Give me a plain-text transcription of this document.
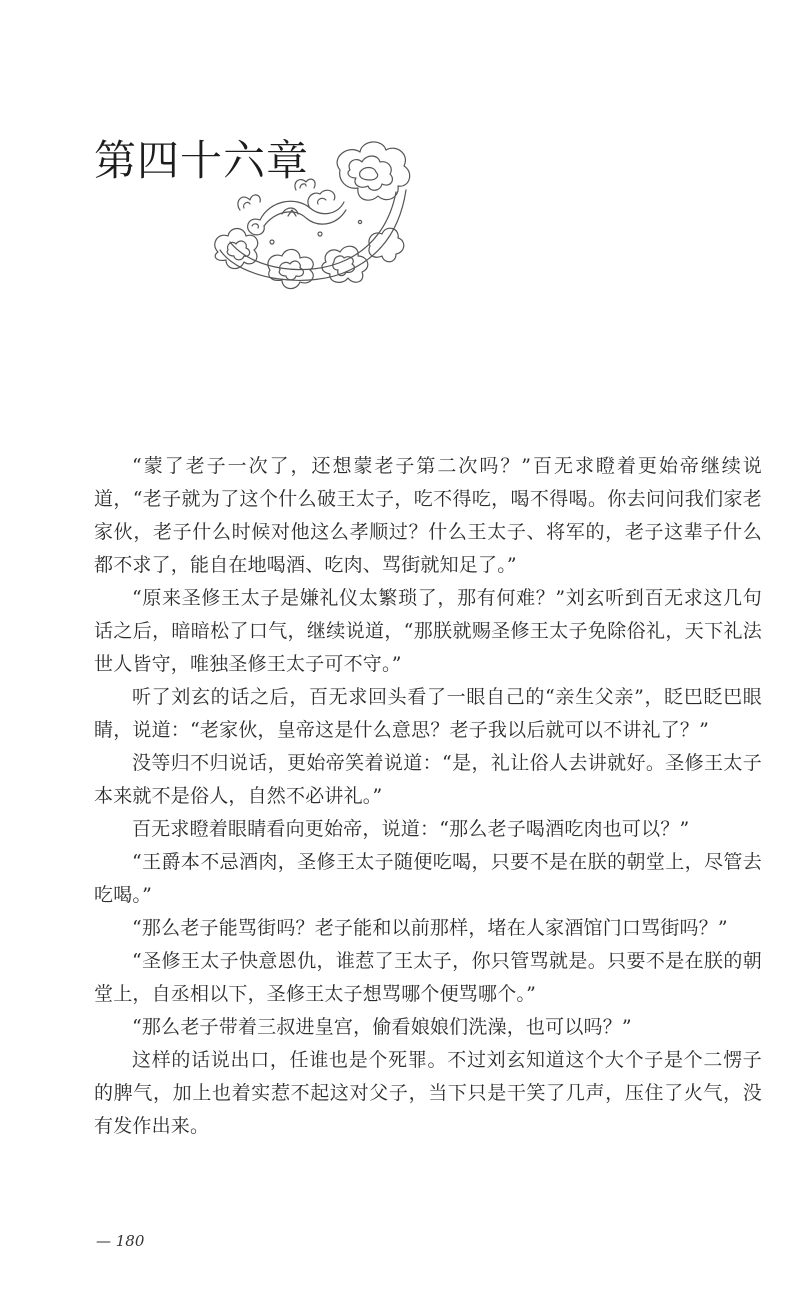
第四十六章

“蒙了老子一次了，还想蒙老子第二次吗？”百无求瞪着更始帝继续说道，“老子就为了这个什么破王太子，吃不得吃，喝不得喝。你去问问我们家老家伙，老子什么时候对他这么孝顺过？什么王太子、将军的，老子这辈子什么都不求了，能自在地喝酒、吃肉、骂街就知足了。”

“原来圣修王太子是嫌礼仪太繁琐了，那有何难？”刘玄听到百无求这几句话之后，暗暗松了口气，继续说道，“那朕就赐圣修王太子免除俗礼，天下礼法世人皆守，唯独圣修王太子可不守。”

听了刘玄的话之后，百无求回头看了一眼自己的“亲生父亲”，眨巴眨巴眼睛，说道：“老家伙，皇帝这是什么意思？老子我以后就可以不讲礼了？”

没等归不归说话，更始帝笑着说道：“是，礼让俗人去讲就好。圣修王太子本来就不是俗人，自然不必讲礼。”

百无求瞪着眼睛看向更始帝，说道：“那么老子喝酒吃肉也可以？”

“王爵本不忌酒肉，圣修王太子随便吃喝，只要不是在朕的朝堂上，尽管去吃喝。”

“那么老子能骂街吗？老子能和以前那样，堵在人家酒馆门口骂街吗？”

“圣修王太子快意恩仇，谁惹了王太子，你只管骂就是。只要不是在朕的朝堂上，自丞相以下，圣修王太子想骂哪个便骂哪个。”

“那么老子带着三叔进皇宫，偷看娘娘们洗澡，也可以吗？”

这样的话说出口，任谁也是个死罪。不过刘玄知道这个大个子是个二愣子的脾气，加上也着实惹不起这对父子，当下只是干笑了几声，压住了火气，没有发作出来。

— 180
